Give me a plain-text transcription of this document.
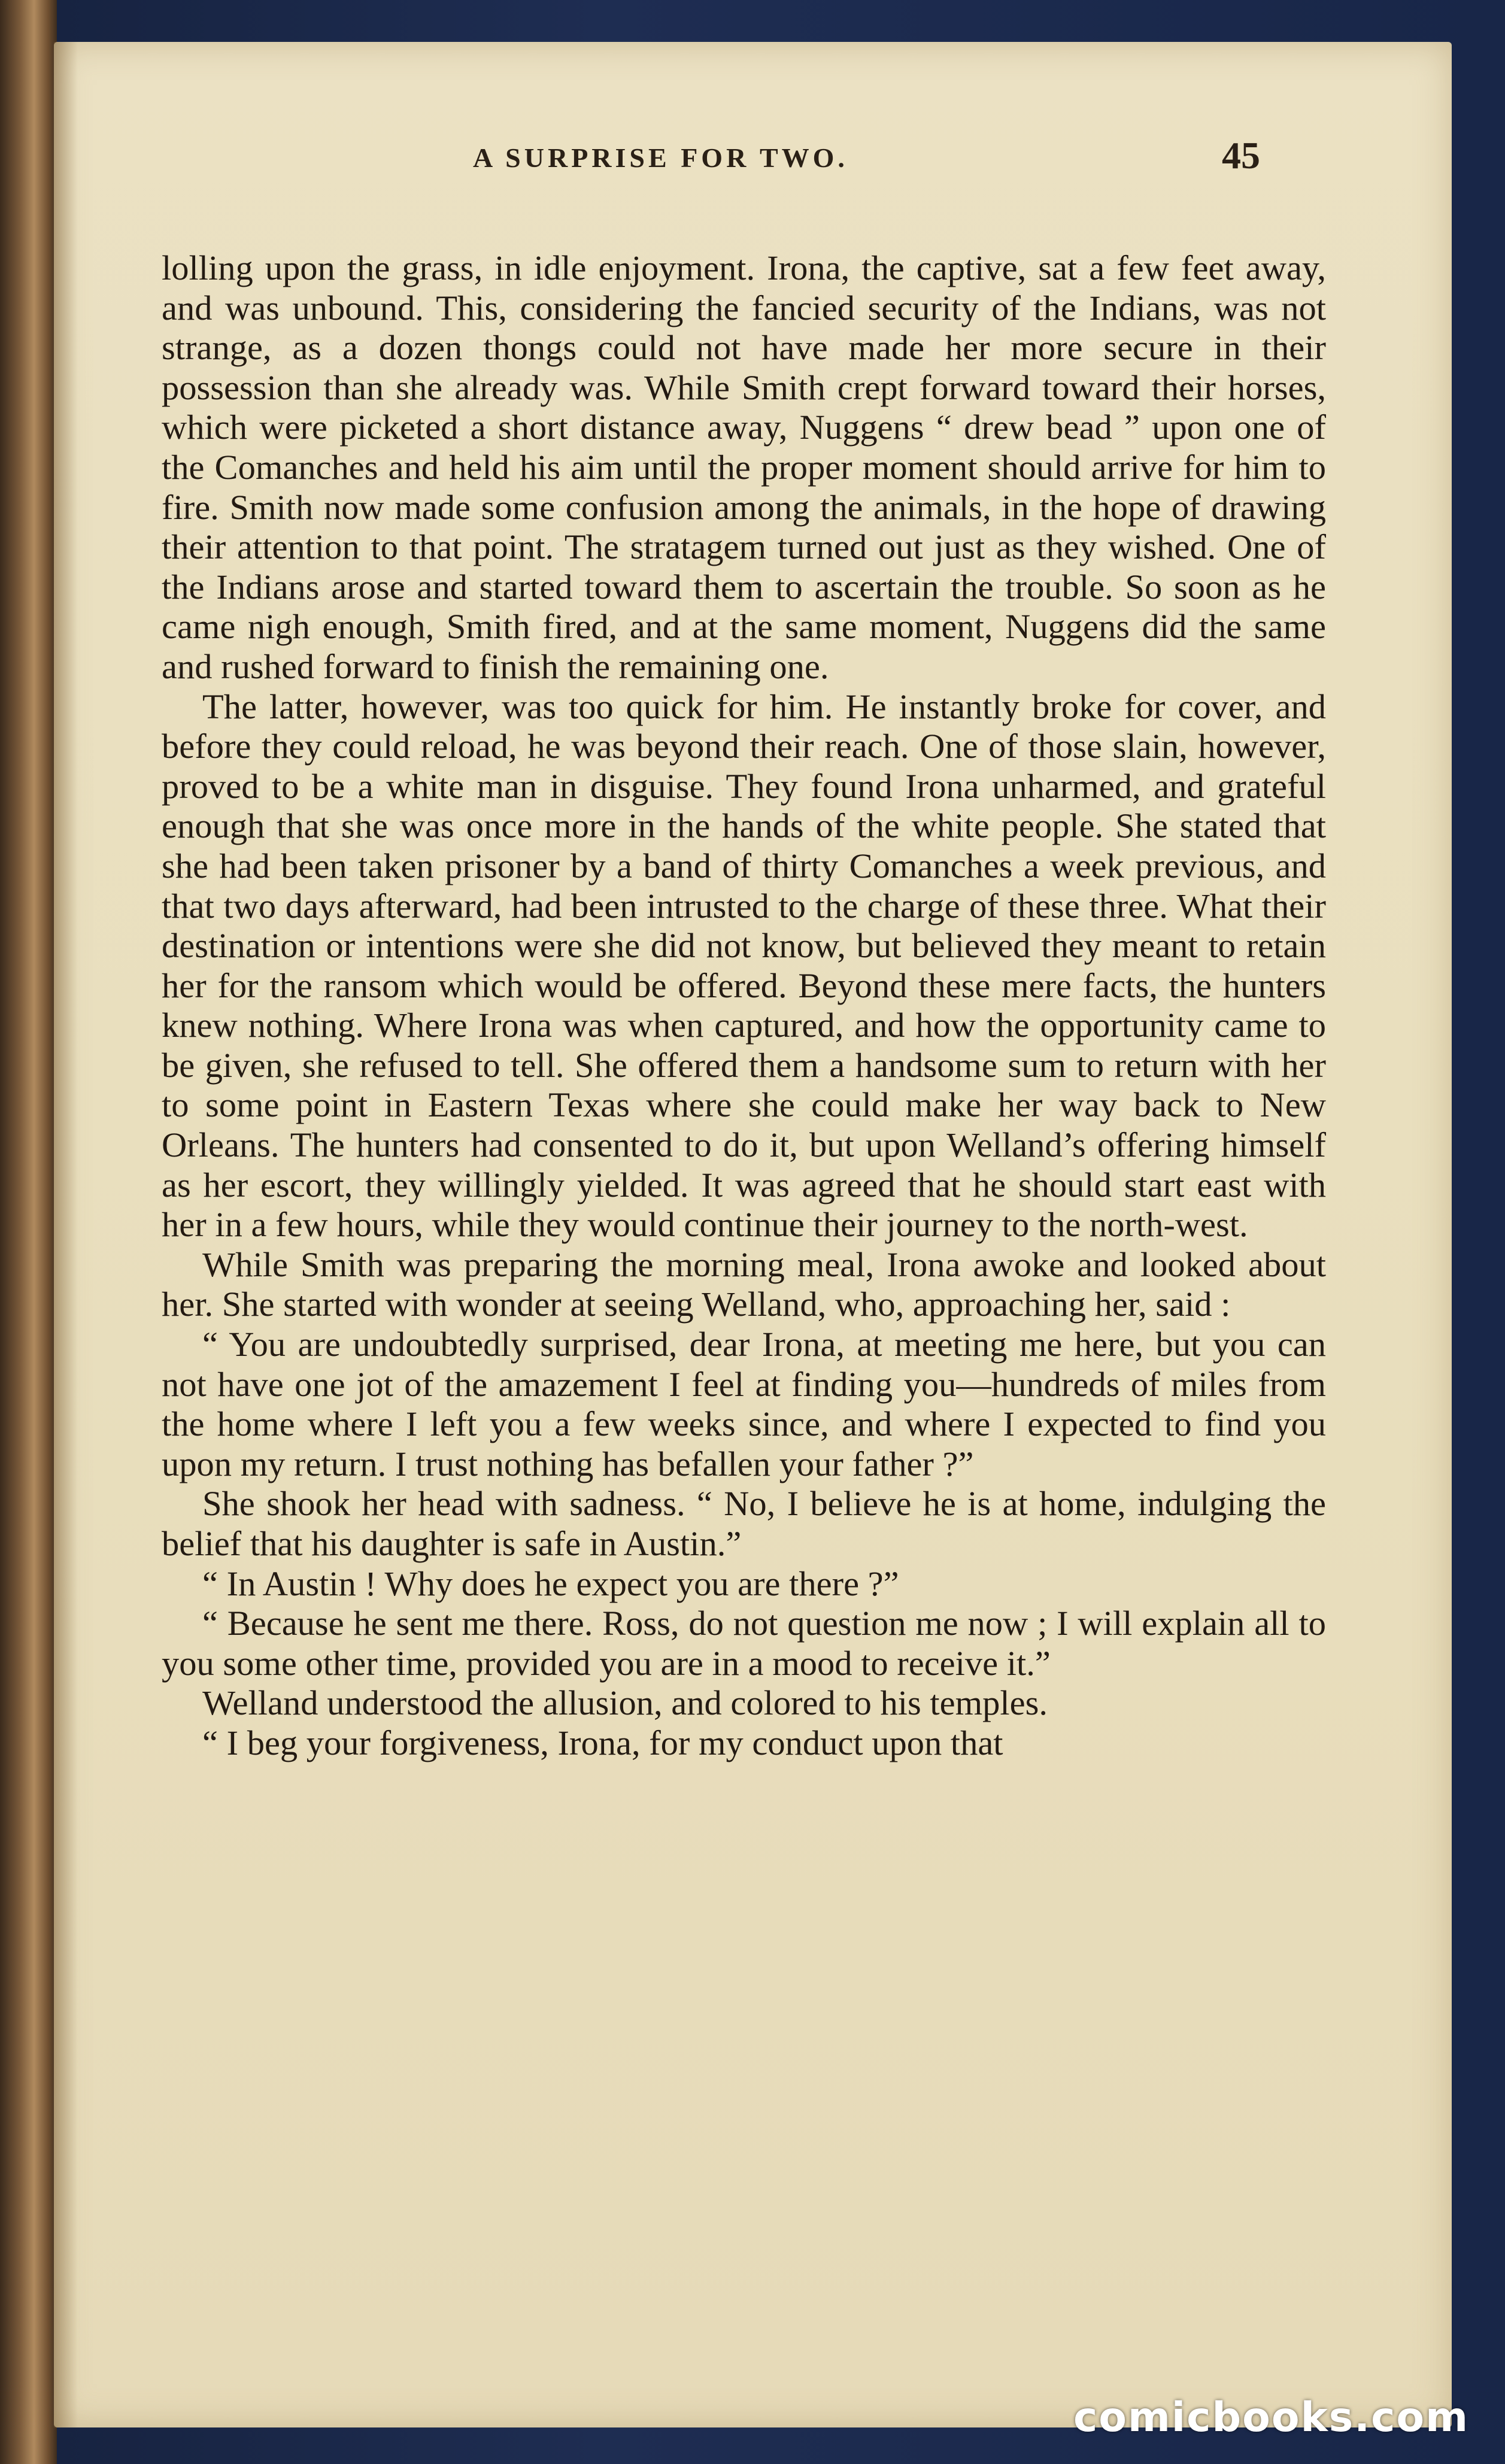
A SURPRISE FOR TWO.	45

lolling upon the grass, in idle enjoyment. Irona, the captive, sat a few feet away, and was unbound. This, considering the fancied security of the Indians, was not strange, as a dozen thongs could not have made her more secure in their possession than she already was. While Smith crept forward toward their horses, which were picketed a short distance away, Nuggens “ drew bead ” upon one of the Comanches and held his aim until the proper moment should arrive for him to fire. Smith now made some confusion among the animals, in the hope of drawing their attention to that point. The stratagem turned out just as they wished. One of the Indians arose and started toward them to ascertain the trouble. So soon as he came nigh enough, Smith fired, and at the same moment, Nuggens did the same and rushed forward to finish the remaining one.

The latter, however, was too quick for him. He instantly broke for cover, and before they could reload, he was beyond their reach. One of those slain, however, proved to be a white man in disguise. They found Irona unharmed, and grateful enough that she was once more in the hands of the white people. She stated that she had been taken prisoner by a band of thirty Comanches a week previous, and that two days afterward, had been intrusted to the charge of these three. What their destination or intentions were she did not know, but believed they meant to retain her for the ransom which would be offered. Beyond these mere facts, the hunters knew nothing. Where Irona was when captured, and how the opportunity came to be given, she refused to tell. She offered them a handsome sum to return with her to some point in Eastern Texas where she could make her way back to New Orleans. The hunters had consented to do it, but upon Welland’s offering himself as her escort, they willingly yielded. It was agreed that he should start east with her in a few hours, while they would continue their journey to the north-west.

While Smith was preparing the morning meal, Irona awoke and looked about her. She started with wonder at seeing Welland, who, approaching her, said :

“ You are undoubtedly surprised, dear Irona, at meeting me here, but you can not have one jot of the amazement I feel at finding you—hundreds of miles from the home where I left you a few weeks since, and where I expected to find you upon my return. I trust nothing has befallen your father ?”

She shook her head with sadness. “ No, I believe he is at home, indulging the belief that his daughter is safe in Austin.”

“ In Austin ! Why does he expect you are there ?”

“ Because he sent me there. Ross, do not question me now ; I will explain all to you some other time, provided you are in a mood to receive it.”

Welland understood the allusion, and colored to his temples.

“ I beg your forgiveness, Irona, for my conduct upon that

comicbooks.com
